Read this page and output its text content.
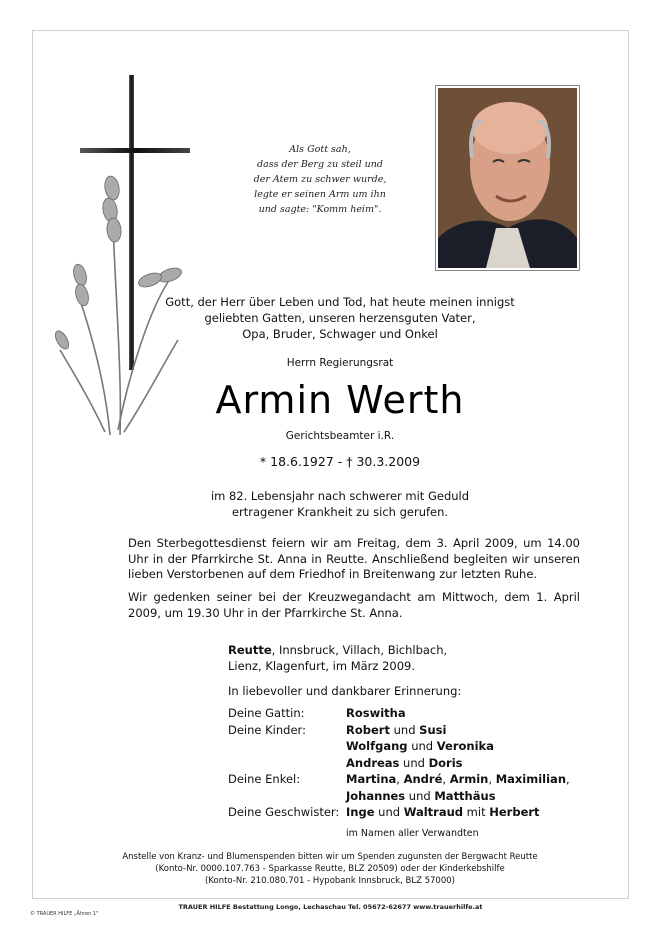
Als Gott sah,
dass der Berg zu steil und
der Atem zu schwer wurde,
legte er seinen Arm um ihn
und sagte: "Komm heim".
Gott, der Herr über Leben und Tod, hat heute meinen innigst
geliebten Gatten, unseren herzensguten Vater,
Opa, Bruder, Schwager und Onkel
Herrn Regierungsrat
Armin Werth
Gerichtsbeamter i.R.
* 18.6.1927 - † 30.3.2009
im 82. Lebensjahr nach schwerer mit Geduld
ertragener Krankheit zu sich gerufen.
Den Sterbegottesdienst feiern wir am Freitag, dem 3. April 2009, um 14.00 Uhr in der Pfarrkirche St. Anna in Reutte. Anschließend begleiten wir unseren lieben Verstorbenen auf dem Friedhof in Breitenwang zur letzten Ruhe.
Wir gedenken seiner bei der Kreuzwegandacht am Mittwoch, dem 1. April 2009, um 19.30 Uhr in der Pfarrkirche St. Anna.
Reutte, Innsbruck, Villach, Bichlbach,
Lienz, Klagenfurt, im März 2009.
In liebevoller und dankbarer Erinnerung:
Deine Gattin:	Roswitha
Deine Kinder:	Robert und Susi
Wolfgang und Veronika
Andreas und Doris
Deine Enkel:	Martina, André, Armin, Maximilian,
Johannes und Matthäus
Deine Geschwister: Inge und Waltraud mit Herbert
im Namen aller Verwandten
Anstelle von Kranz- und Blumenspenden bitten wir um Spenden zugunsten der Bergwacht Reutte
(Konto-Nr. 0000.107.763 - Sparkasse Reutte, BLZ 20509) oder der Kinderkebshilfe
(Konto-Nr. 210.080.701 - Hypobank Innsbruck, BLZ 57000)
TRAUER HILFE Bestattung Longo, Lechaschau Tel. 05672-62677 www.trauerhilfe.at
© TRAUER HILFE „Ähren 1"
